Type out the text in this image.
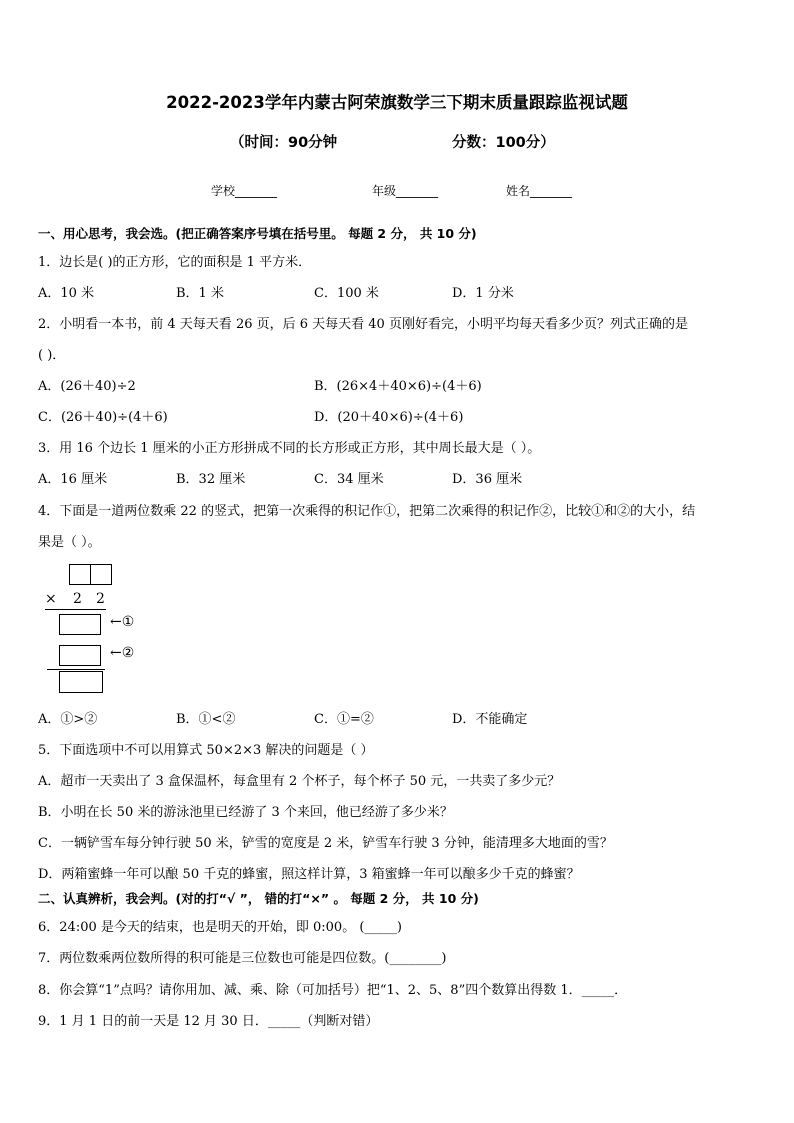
2022-2023学年内蒙古阿荣旗数学三下期末质量跟踪监视试题
（时间：90分钟	分数：100分）
学校_______	年级_______	姓名_______
一、用心思考，我会选。(把正确答案序号填在括号里。 每题 2 分， 共 10 分)
1．边长是( )的正方形，它的面积是 1 平方米．
A．10 米	B．1 米	C．100 米	D．1 分米
2．小明看一本书，前 4 天每天看 26 页，后 6 天每天看 40 页刚好看完，小明平均每天看多少页？列式正确的是
( )．
A．(26＋40)÷2	B．(26×4＋40×6)÷(4＋6)
C．(26＋40)÷(4＋6)	D．(20＋40×6)÷(4＋6)
3．用 16 个边长 1 厘米的小正方形拼成不同的长方形或正方形，其中周长最大是（ ）。
A．16 厘米	B．32 厘米	C．34 厘米	D．36 厘米
4．下面是一道两位数乘 22 的竖式，把第一次乘得的积记作①，把第二次乘得的积记作②，比较①和②的大小，结
果是（ ）。
× 2 2
←①
←②
A．①>②	B．①<②	C．①=②	D．不能确定
5．下面选项中不可以用算式 50×2×3 解决的问题是（ ）
A．超市一天卖出了 3 盒保温杯，每盒里有 2 个杯子，每个杯子 50 元，一共卖了多少元？
B．小明在长 50 米的游泳池里已经游了 3 个来回，他已经游了多少米？
C．一辆铲雪车每分钟行驶 50 米，铲雪的宽度是 2 米，铲雪车行驶 3 分钟，能清理多大地面的雪？
D．两箱蜜蜂一年可以酿 50 千克的蜂蜜，照这样计算，3 箱蜜蜂一年可以酿多少千克的蜂蜜？
二、认真辨析，我会判。(对的打“√ ”， 错的打“×” 。 每题 2 分， 共 10 分)
6．24:00 是今天的结束，也是明天的开始，即 0:00。 (_____)
7．两位数乘两位数所得的积可能是三位数也可能是四位数。(________)
8．你会算“1”点吗？请你用加、减、乘、除（可加括号）把“1、2、5、8”四个数算出得数 1．_____．
9．1 月 1 日的前一天是 12 月 30 日．_____（判断对错）
